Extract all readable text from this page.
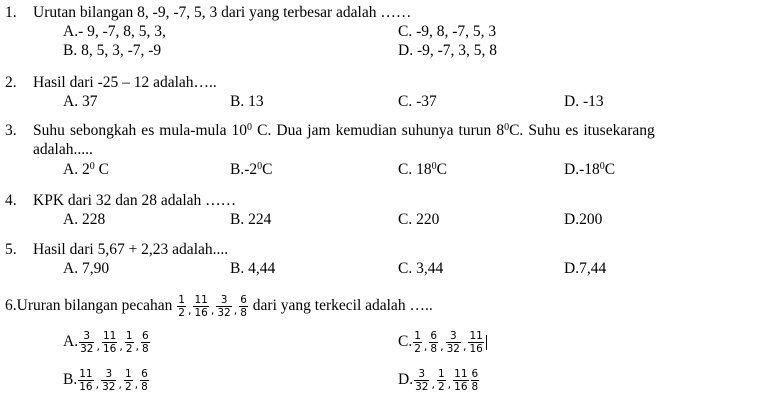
1. Urutan bilangan 8, -9, -7, 5, 3 dari yang terbesar adalah ……
A.- 9, -7, 8, 5, 3,	C. -9, 8, -7, 5, 3
B. 8, 5, 3, -7, -9	D. -9, -7, 3, 5, 8
2. Hasil dari -25 – 12 adalah…..
A. 37	B. 13	C. -37	D. -13
3. Suhu sebongkah es mula-mula $10^0$ C. Dua jam kemudian suhunya turun $8^0C$. Suhu es itusekarang
adalah.....
A. $2^0$ C	$B.-2^0C$	C. $18^0C$	$D.-18^0C$
4. KPK dari 32 dan 28 adalah ……
A. 228	B. 224	C. 220	D.200
5. Hasil dari 5,67 + 2,23 adalah....
A. 7,90	B. 4,44	C. 3,44	D.7,44
6.Ururan bilangan pecahan $\frac{1}{2} _, \frac{11}{16} _, \frac{3}{32} _, \frac{6}{8}$ dari yang terkecil adalah …..
A. $\frac{3}{32} _, \frac{11}{16} _, \frac{1}{2} _, \frac{6}{8}$	C. $\frac{1}{2} _, \frac{6}{8} _, \frac{3}{32} _, \frac{11}{16}$
B. $\frac{11}{16} _, \frac{3}{32} _, \frac{1}{2} _, \frac{6}{8}$	D. $\frac{3}{32} _, \frac{1}{2} _, \frac{11}{16} \frac{6}{8}$
